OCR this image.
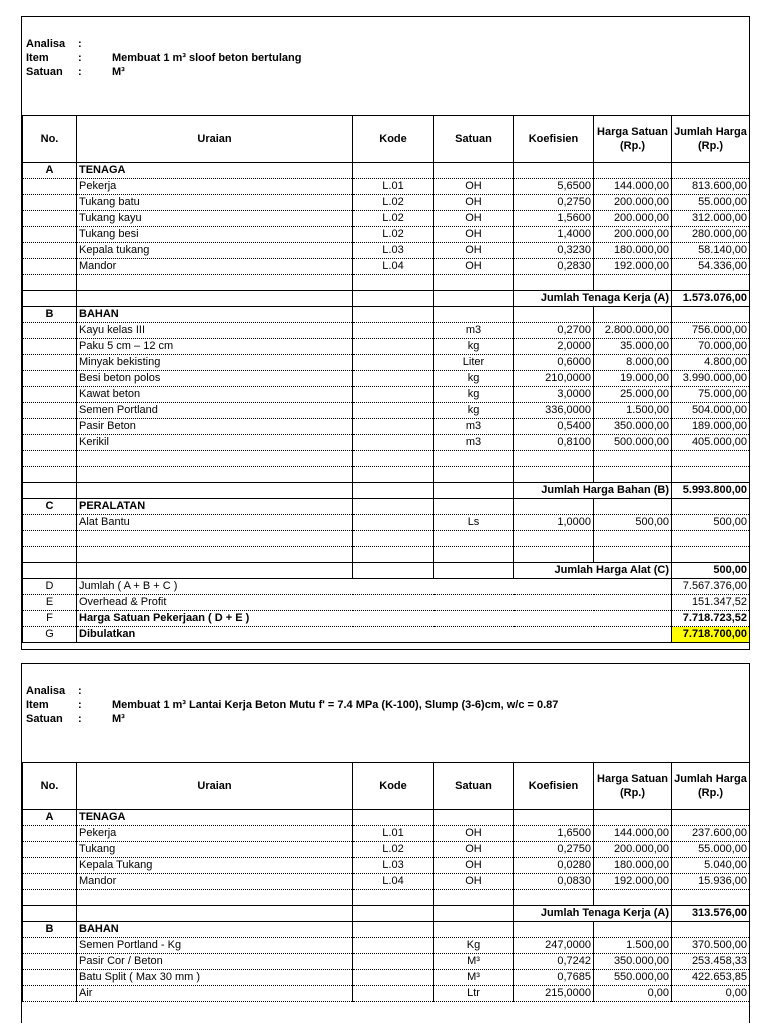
Analisa	:
Item	:	Membuat 1 m³ sloof beton bertulang
Satuan	:	M³
No.	Uraian	Kode	Satuan	Koefisien	Harga Satuan (Rp.)	Jumlah Harga (Rp.)
A	TENAGA					
	Pekerja	L.01	OH	5,6500	144.000,00	813.600,00
	Tukang batu	L.02	OH	0,2750	200.000,00	55.000,00
	Tukang kayu	L.02	OH	1,5600	200.000,00	312.000,00
	Tukang besi	L.02	OH	1,4000	200.000,00	280.000,00
	Kepala tukang	L.03	OH	0,3230	180.000,00	58.140,00
	Mandor	L.04	OH	0,2830	192.000,00	54.336,00

				Jumlah Tenaga Kerja (A)		1.573.076,00
B	BAHAN					
	Kayu kelas III		m3	0,2700	2.800.000,00	756.000,00
	Paku 5 cm – 12 cm		kg	2,0000	35.000,00	70.000,00
	Minyak bekisting		Liter	0,6000	8.000,00	4.800,00
	Besi beton polos		kg	210,0000	19.000,00	3.990.000,00
	Kawat beton		kg	3,0000	25.000,00	75.000,00
	Semen Portland		kg	336,0000	1.500,00	504.000,00
	Pasir Beton		m3	0,5400	350.000,00	189.000,00
	Kerikil		m3	0,8100	500.000,00	405.000,00

				Jumlah Harga Bahan (B)		5.993.800,00
C	PERALATAN					
	Alat Bantu		Ls	1,0000	500,00	500,00

				Jumlah Harga Alat (C)		500,00
D	Jumlah ( A + B + C )					7.567.376,00
E	Overhead & Profit					151.347,52
F	Harga Satuan Pekerjaan ( D + E )					7.718.723,52
G	Dibulatkan					7.718.700,00
Analisa	:
Item	:	Membuat 1 m³ Lantai Kerja Beton Mutu f' = 7.4 MPa (K-100), Slump (3-6)cm, w/c = 0.87
Satuan	:	M³
No.	Uraian	Kode	Satuan	Koefisien	Harga Satuan (Rp.)	Jumlah Harga (Rp.)
A	TENAGA					
	Pekerja	L.01	OH	1,6500	144.000,00	237.600,00
	Tukang	L.02	OH	0,2750	200.000,00	55.000,00
	Kepala Tukang	L.03	OH	0,0280	180.000,00	5.040,00
	Mandor	L.04	OH	0,0830	192.000,00	15.936,00

				Jumlah Tenaga Kerja (A)		313.576,00
B	BAHAN					
	Semen Portland - Kg		Kg	247,0000	1.500,00	370.500,00
	Pasir Cor / Beton		M³	0,7242	350.000,00	253.458,33
	Batu Split ( Max 30 mm )		M³	0,7685	550.000,00	422.653,85
	Air		Ltr	215,0000	0,00	0,00
